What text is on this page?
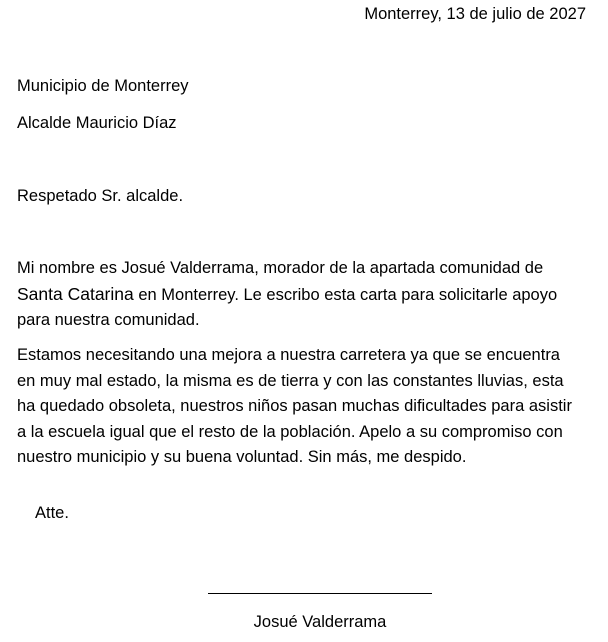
Monterrey, 13 de julio de 2027
Municipio de Monterrey
Alcalde Mauricio Díaz
Respetado Sr. alcalde.
Mi nombre es Josué Valderrama, morador de la apartada comunidad de Santa Catarina en Monterrey. Le escribo esta carta para solicitarle apoyo para nuestra comunidad.
Estamos necesitando una mejora a nuestra carretera ya que se encuentra en muy mal estado, la misma es de tierra y con las constantes lluvias, esta ha quedado obsoleta, nuestros niños pasan muchas dificultades para asistir a la escuela igual que el resto de la población. Apelo a su compromiso con nuestro municipio y su buena voluntad. Sin más, me despido.
Atte.
Josué Valderrama
